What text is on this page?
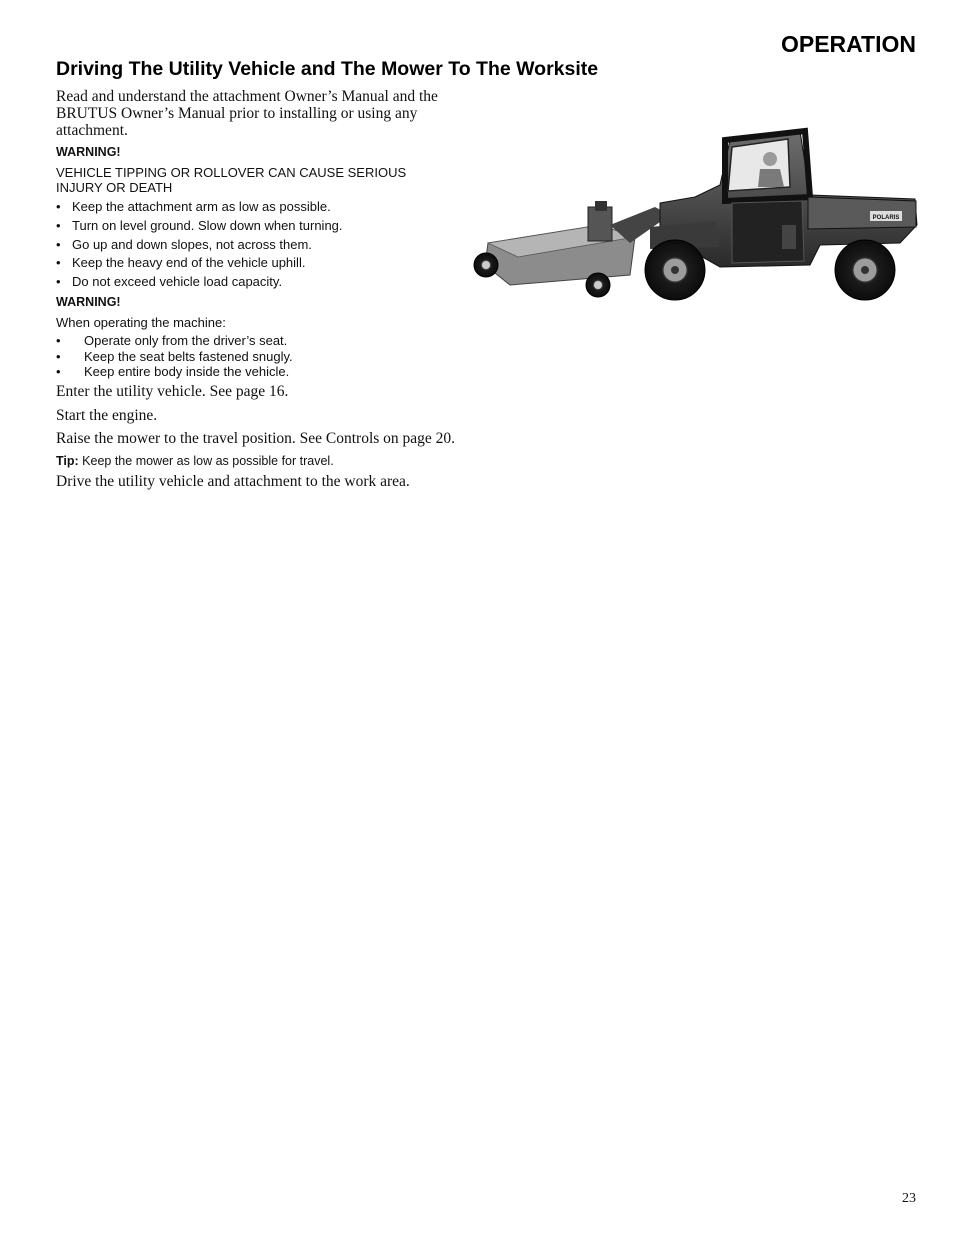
OPERATION
Driving The Utility Vehicle and The Mower To The Worksite

Read and understand the attachment Owner’s Manual and the BRUTUS Owner’s Manual prior to installing or using any attachment.

WARNING!

VEHICLE TIPPING OR ROLLOVER CAN CAUSE SERIOUS INJURY OR DEATH

• Keep the attachment arm as low as possible.
• Turn on level ground. Slow down when turning.
• Go up and down slopes, not across them.
• Keep the heavy end of the vehicle uphill.
• Do not exceed vehicle load capacity.

WARNING!

When operating the machine:

• Operate only from the driver’s seat.
• Keep the seat belts fastened snugly.
• Keep entire body inside the vehicle.

Enter the utility vehicle. See page 16.

Start the engine.

Raise the mower to the travel position. See Controls on page 20.

Tip: Keep the mower as low as possible for travel.

Drive the utility vehicle and attachment to the work area.

POLARIS

23
